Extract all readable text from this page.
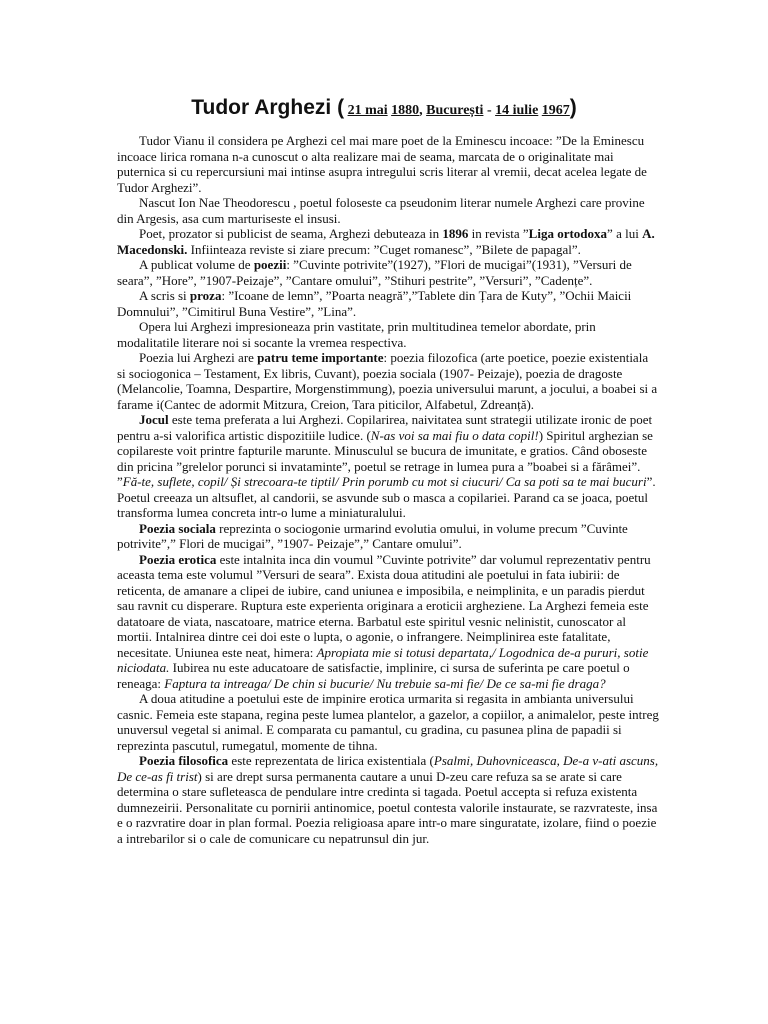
Tudor Arghezi ( 21 mai 1880, București - 14 iulie 1967)

Tudor Vianu il considera pe Arghezi cel mai mare poet de la Eminescu incoace: ”De la Eminescu incoace lirica romana n-a cunoscut o alta realizare mai de seama, marcata de o originalitate mai puternica si cu repercursiuni mai intinse asupra intregului scris literar al vremii, decat acelea legate de Tudor Arghezi”.

Nascut Ion Nae Theodorescu , poetul foloseste ca pseudonim literar numele Arghezi care provine din Argesis, asa cum marturiseste el insusi.

Poet, prozator si publicist de seama, Arghezi debuteaza in 1896 in revista ”Liga ortodoxa” a lui A. Macedonski. Infiinteaza reviste si ziare precum: ”Cuget romanesc”, ”Bilete de papagal”.

A publicat volume de poezii: ”Cuvinte potrivite”(1927), ”Flori de mucigai”(1931), ”Versuri de seara”, ”Hore”, ”1907-Peizaje”, ”Cantare omului”, ”Stihuri pestrite”, ”Versuri”, ”Cadențe”.

A scris si proza: ”Icoane de lemn”, ”Poarta neagră”,”Tablete din Țara de Kuty”, ”Ochii Maicii Domnului”, ”Cimitirul Buna Vestire”, ”Lina”.

Opera lui Arghezi impresioneaza prin vastitate, prin multitudinea temelor abordate, prin modalitatile literare noi si socante la vremea respectiva.

Poezia lui Arghezi are patru teme importante: poezia filozofica (arte poetice, poezie existentiala si sociogonica – Testament, Ex libris, Cuvant), poezia sociala (1907- Peizaje), poezia de dragoste (Melancolie, Toamna, Despartire, Morgenstimmung), poezia universului marunt, a jocului, a boabei si a farame i(Cantec de adormit Mitzura, Creion, Tara piticilor, Alfabetul, Zdreanță).

Jocul este tema preferata a lui Arghezi. Copilarirea, naivitatea sunt strategii utilizate ironic de poet pentru a-si valorifica artistic dispozitiile ludice. (N-as voi sa mai fiu o data copil!) Spiritul arghezian se copilareste voit printre fapturile marunte. Minusculul se bucura de imunitate, e gratios. Când oboseste din pricina ”grelelor porunci si invataminte”, poetul se retrage in lumea pura a ”boabei si a fărâmei”. ”Fă-te, suflete, copil/ Și strecoara-te tiptil/ Prin porumb cu mot si ciucuri/ Ca sa poti sa te mai bucuri”. Poetul creeaza un altsuflet, al candorii, se asvunde sub o masca a copilariei. Parand ca se joaca, poetul transforma lumea concreta intr-o lume a miniaturalului.

Poezia sociala reprezinta o sociogonie urmarind evolutia omului, in volume precum ”Cuvinte potrivite”,” Flori de mucigai”, ”1907- Peizaje”,” Cantare omului”.

Poezia erotica este intalnita inca din voumul ”Cuvinte potrivite” dar volumul reprezentativ pentru aceasta tema este volumul ”Versuri de seara”. Exista doua atitudini ale poetului in fata iubirii: de reticenta, de amanare a clipei de iubire, cand uniunea e imposibila, e neimplinita, e un paradis pierdut sau ravnit cu disperare. Ruptura este experienta originara a eroticii argheziene. La Arghezi femeia este datatoare de viata, nascatoare, matrice eterna. Barbatul este spiritul vesnic nelinistit, cunoscator al mortii. Intalnirea dintre cei doi este o lupta, o agonie, o infrangere. Neimplinirea este fatalitate, necesitate. Uniunea este neat, himera: Apropiata mie si totusi departata,/ Logodnica de-a pururi, sotie niciodata. Iubirea nu este aducatoare de satisfactie, implinire, ci sursa de suferinta pe care poetul o reneaga: Faptura ta intreaga/ De chin si bucurie/ Nu trebuie sa-mi fie/ De ce sa-mi fie draga?

A doua atitudine a poetului este de impinire erotica urmarita si regasita in ambianta universului casnic. Femeia este stapana, regina peste lumea plantelor, a gazelor, a copiilor, a animalelor, peste intreg unuversul vegetal si animal. E comparata cu pamantul, cu gradina, cu pasunea plina de papadii si reprezinta pascutul, rumegatul, momente de tihna.

Poezia filosofica este reprezentata de lirica existentiala (Psalmi, Duhovniceasca, De-a v-ati ascuns, De ce-as fi trist) si are drept sursa permanenta cautare a unui D-zeu care refuza sa se arate si care determina o stare sufleteasca de pendulare intre credinta si tagada. Poetul accepta si refuza existenta dumnezeirii. Personalitate cu pornirii antinomice, poetul contesta valorile instaurate, se razvrateste, insa e o razvratire doar in plan formal. Poezia religioasa apare intr-o mare singuratate, izolare, fiind o poezie a intrebarilor si o cale de comunicare cu nepatrunsul din jur.
